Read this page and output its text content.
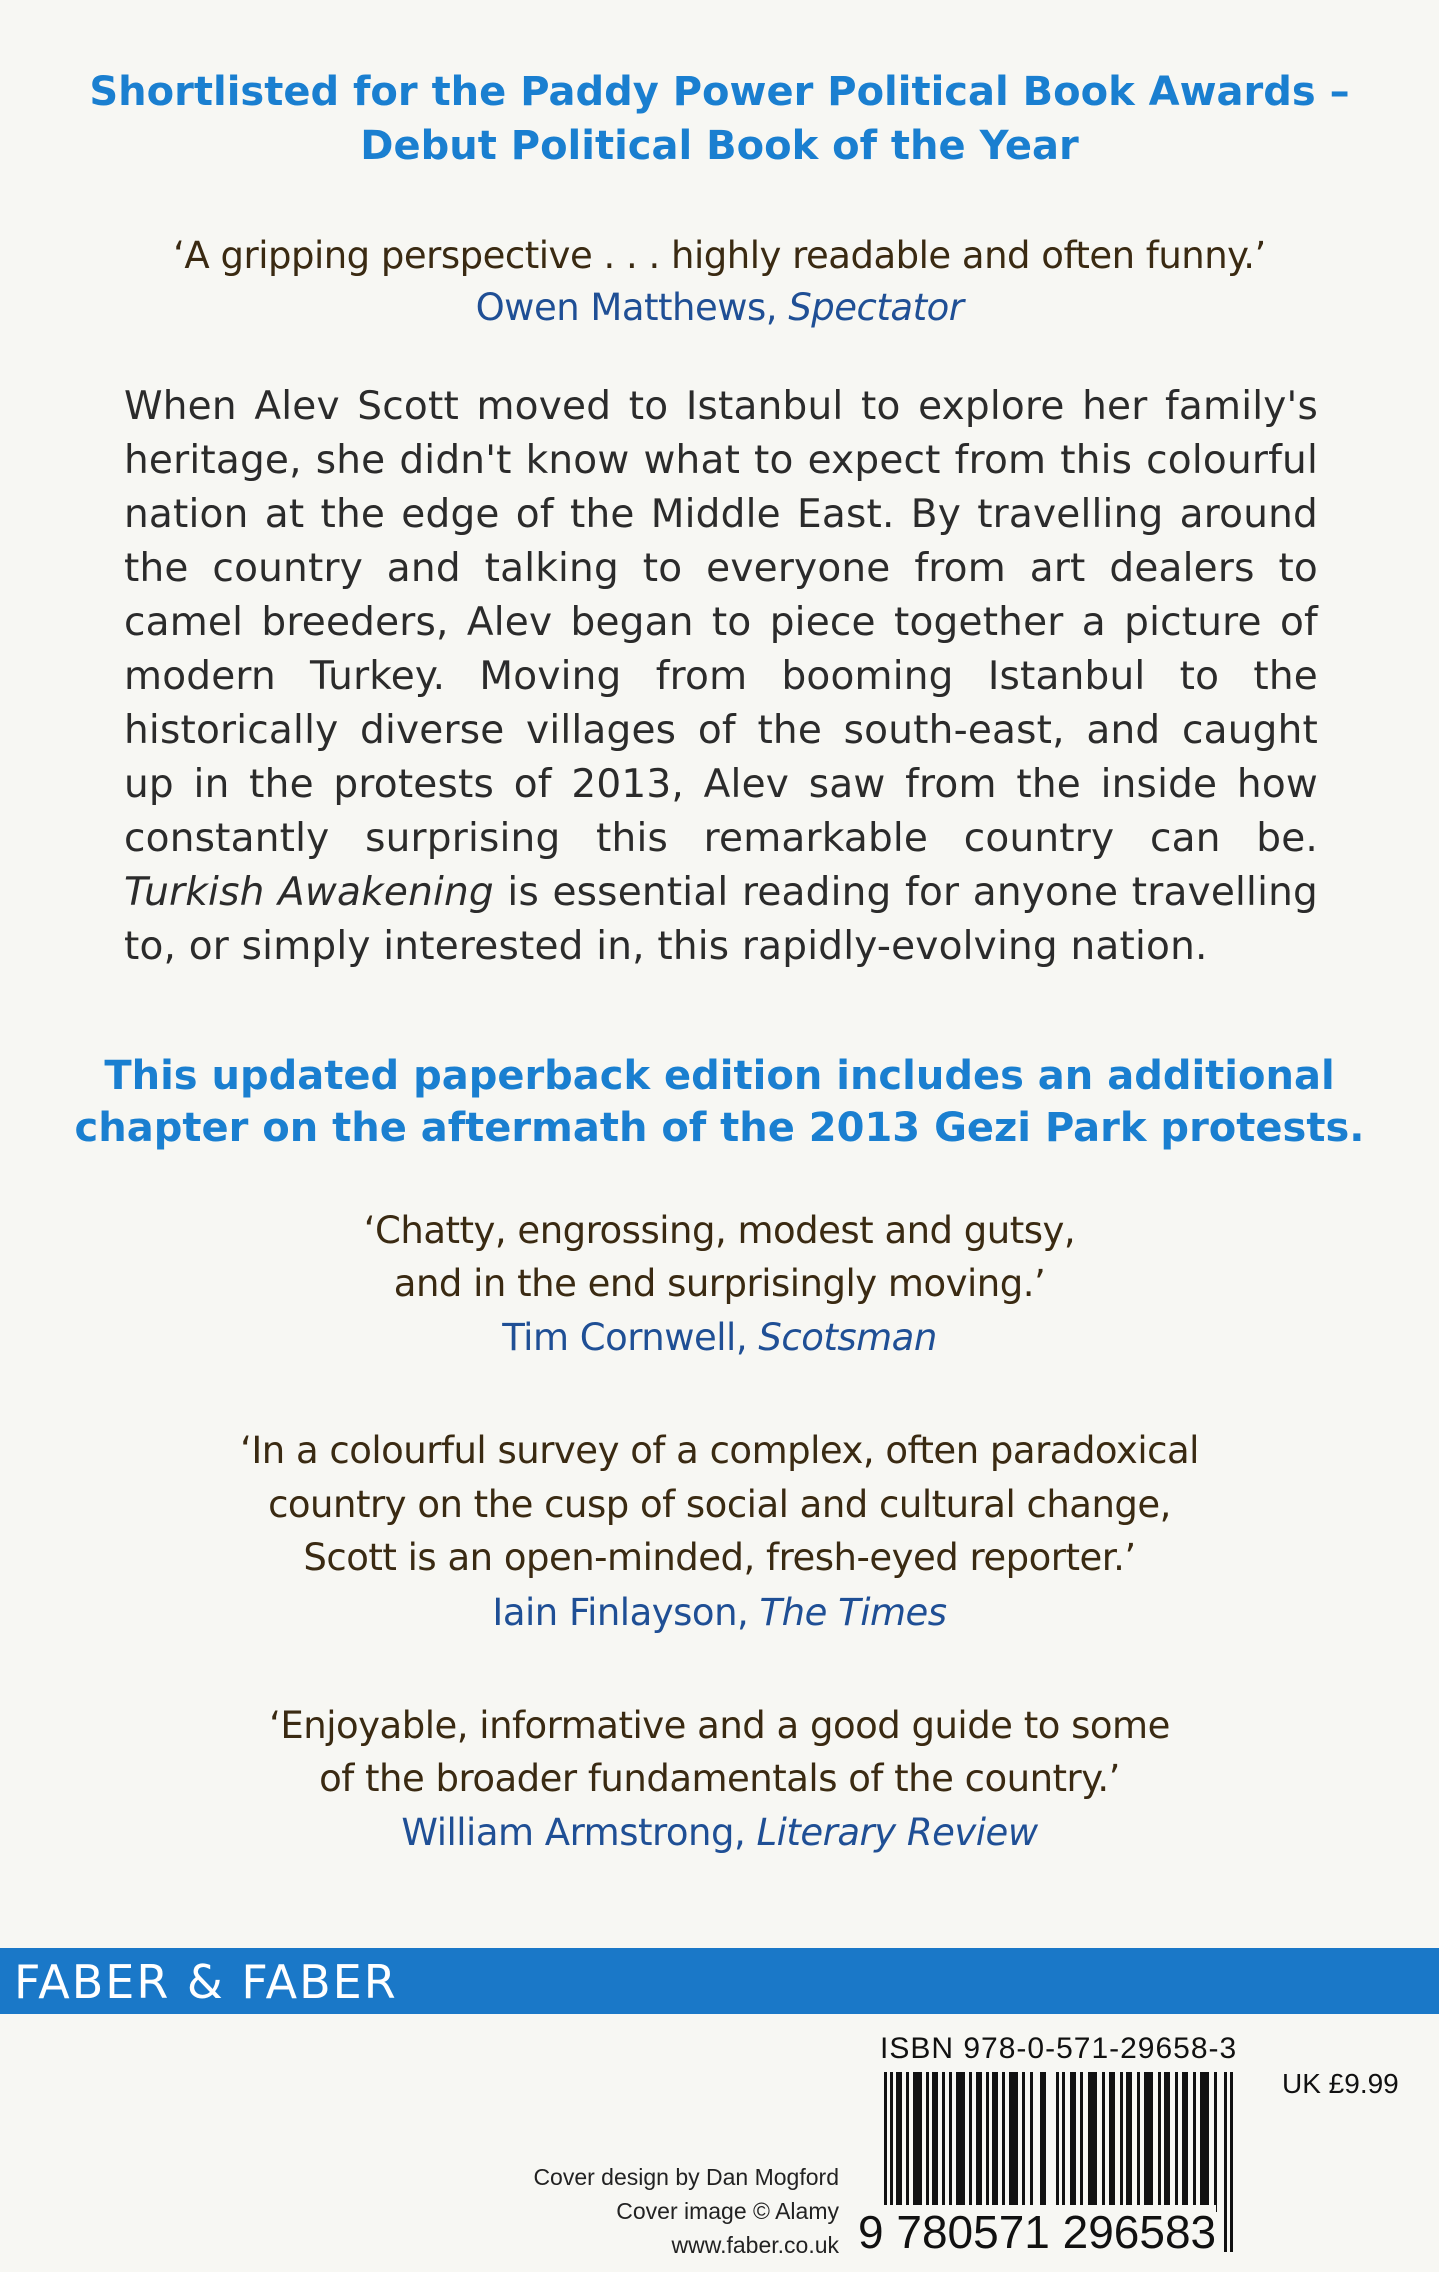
Shortlisted for the Paddy Power Political Book Awards –
Debut Political Book of the Year
‘A gripping perspective . . . highly readable and often funny.’
Owen Matthews, Spectator
When Alev Scott moved to Istanbul to explore her family's
heritage, she didn't know what to expect from this colourful
nation at the edge of the Middle East. By travelling around
the country and talking to everyone from art dealers to
camel breeders, Alev began to piece together a picture of
modern Turkey. Moving from booming Istanbul to the
historically diverse villages of the south-east, and caught
up in the protests of 2013, Alev saw from the inside how
constantly surprising this remarkable country can be.
Turkish Awakening is essential reading for anyone travelling
to, or simply interested in, this rapidly-evolving nation.
This updated paperback edition includes an additional
chapter on the aftermath of the 2013 Gezi Park protests.
‘Chatty, engrossing, modest and gutsy,
and in the end surprisingly moving.’
Tim Cornwell, Scotsman
‘In a colourful survey of a complex, often paradoxical
country on the cusp of social and cultural change,
Scott is an open-minded, fresh-eyed reporter.’
Iain Finlayson, The Times
‘Enjoyable, informative and a good guide to some
of the broader fundamentals of the country.’
William Armstrong, Literary Review
FABER & FABER
ISBN 978-0-571-29658-3
UK £9.99
9 780571 296583
Cover design by Dan Mogford
Cover image © Alamy
www.faber.co.uk
